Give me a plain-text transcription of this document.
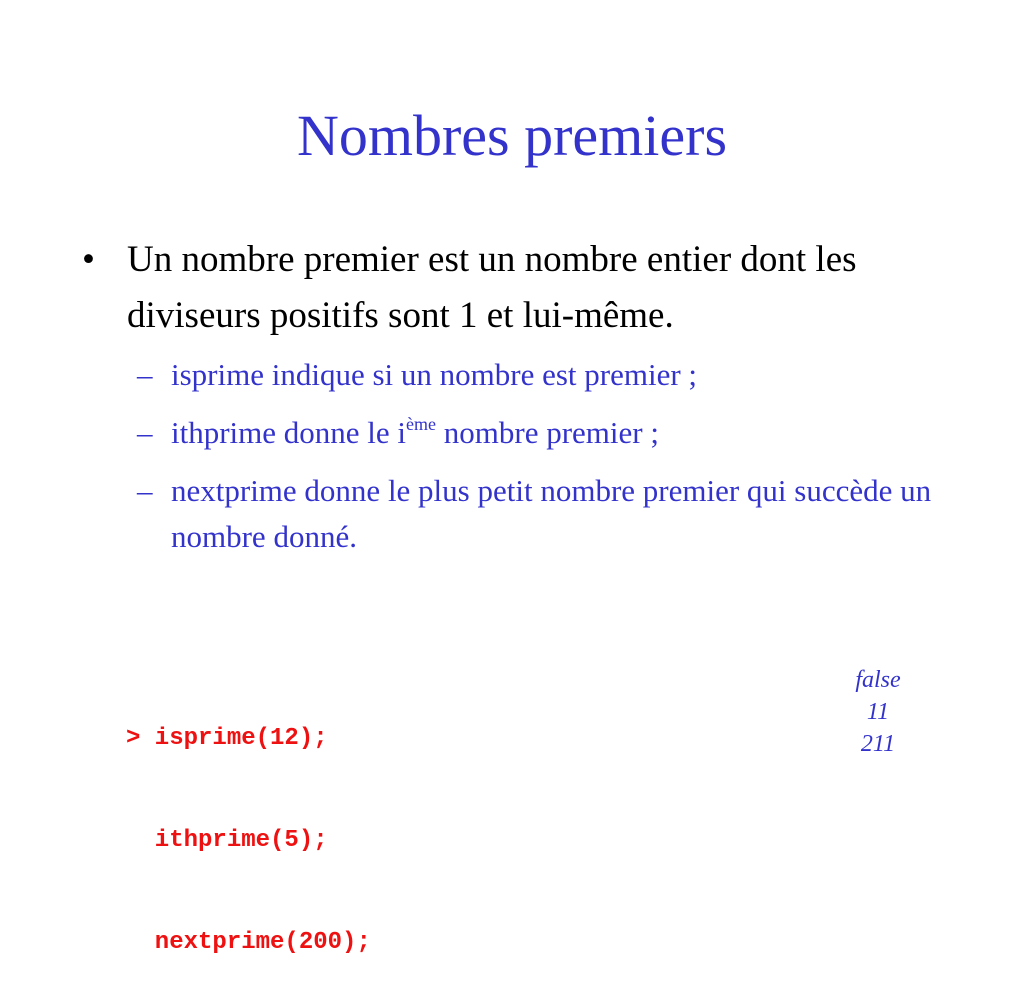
Nombres premiers
• Un nombre premier est un nombre entier dont les diviseurs positifs sont 1 et lui-même.
– isprime indique si un nombre est premier ;
– ithprime donne le $i^{ème}$ nombre premier ;
– nextprime donne le plus petit nombre premier qui succède un nombre donné.

> isprime(12);

ithprime(5);

nextprime(200);

false
11
211
